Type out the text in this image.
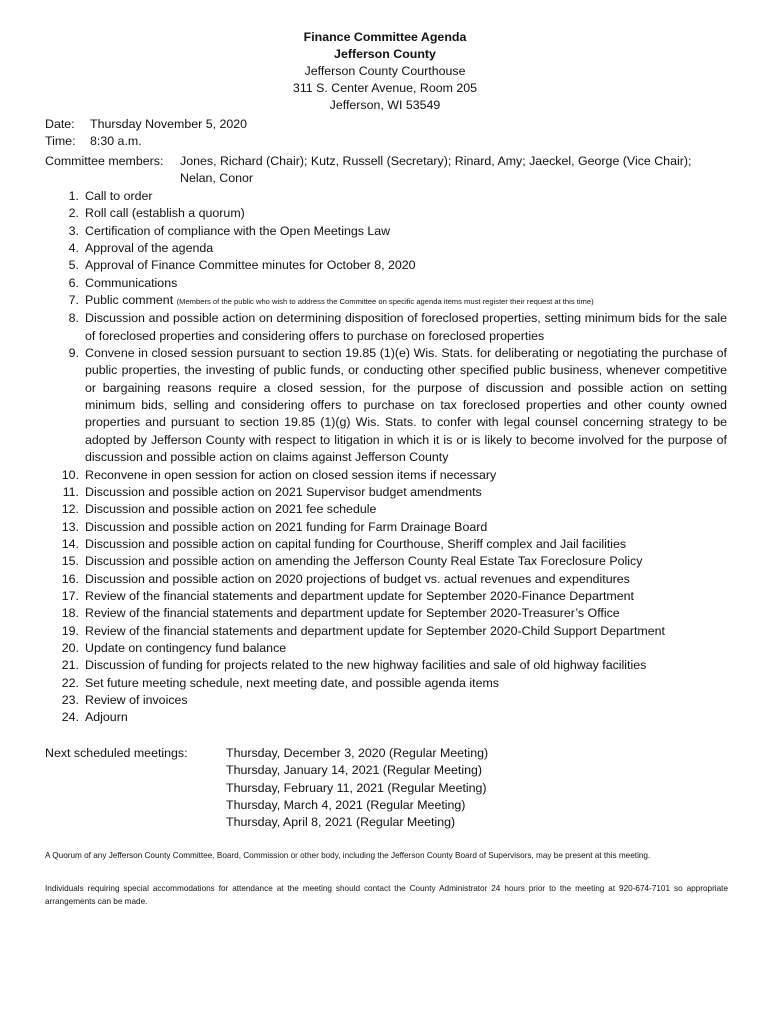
Finance Committee Agenda
Jefferson County
Jefferson County Courthouse
311 S. Center Avenue, Room 205
Jefferson, WI 53549
Date: Thursday November 5, 2020
Time: 8:30 a.m.
Committee members: Jones, Richard (Chair); Kutz, Russell (Secretary); Rinard, Amy; Jaeckel, George (Vice Chair); Nelan, Conor
1. Call to order
2. Roll call (establish a quorum)
3. Certification of compliance with the Open Meetings Law
4. Approval of the agenda
5. Approval of Finance Committee minutes for October 8, 2020
6. Communications
7. Public comment (Members of the public who wish to address the Committee on specific agenda items must register their request at this time)
8. Discussion and possible action on determining disposition of foreclosed properties, setting minimum bids for the sale of foreclosed properties and considering offers to purchase on foreclosed properties
9. Convene in closed session pursuant to section 19.85 (1)(e) Wis. Stats. for deliberating or negotiating the purchase of public properties, the investing of public funds, or conducting other specified public business, whenever competitive or bargaining reasons require a closed session, for the purpose of discussion and possible action on setting minimum bids, selling and considering offers to purchase on tax foreclosed properties and other county owned properties and pursuant to section 19.85 (1)(g) Wis. Stats. to confer with legal counsel concerning strategy to be adopted by Jefferson County with respect to litigation in which it is or is likely to become involved for the purpose of discussion and possible action on claims against Jefferson County
10. Reconvene in open session for action on closed session items if necessary
11. Discussion and possible action on 2021 Supervisor budget amendments
12. Discussion and possible action on 2021 fee schedule
13. Discussion and possible action on 2021 funding for Farm Drainage Board
14. Discussion and possible action on capital funding for Courthouse, Sheriff complex and Jail facilities
15. Discussion and possible action on amending the Jefferson County Real Estate Tax Foreclosure Policy
16. Discussion and possible action on 2020 projections of budget vs. actual revenues and expenditures
17. Review of the financial statements and department update for September 2020-Finance Department
18. Review of the financial statements and department update for September 2020-Treasurer’s Office
19. Review of the financial statements and department update for September 2020-Child Support Department
20. Update on contingency fund balance
21. Discussion of funding for projects related to the new highway facilities and sale of old highway facilities
22. Set future meeting schedule, next meeting date, and possible agenda items
23. Review of invoices
24. Adjourn
Next scheduled meetings:	Thursday, December 3, 2020 (Regular Meeting)
Thursday, January 14, 2021 (Regular Meeting)
Thursday, February 11, 2021 (Regular Meeting)
Thursday, March 4, 2021 (Regular Meeting)
Thursday, April 8, 2021 (Regular Meeting)
A Quorum of any Jefferson County Committee, Board, Commission or other body, including the Jefferson County Board of Supervisors, may be present at this meeting.
Individuals requiring special accommodations for attendance at the meeting should contact the County Administrator 24 hours prior to the meeting at 920-674-7101 so appropriate arrangements can be made.
